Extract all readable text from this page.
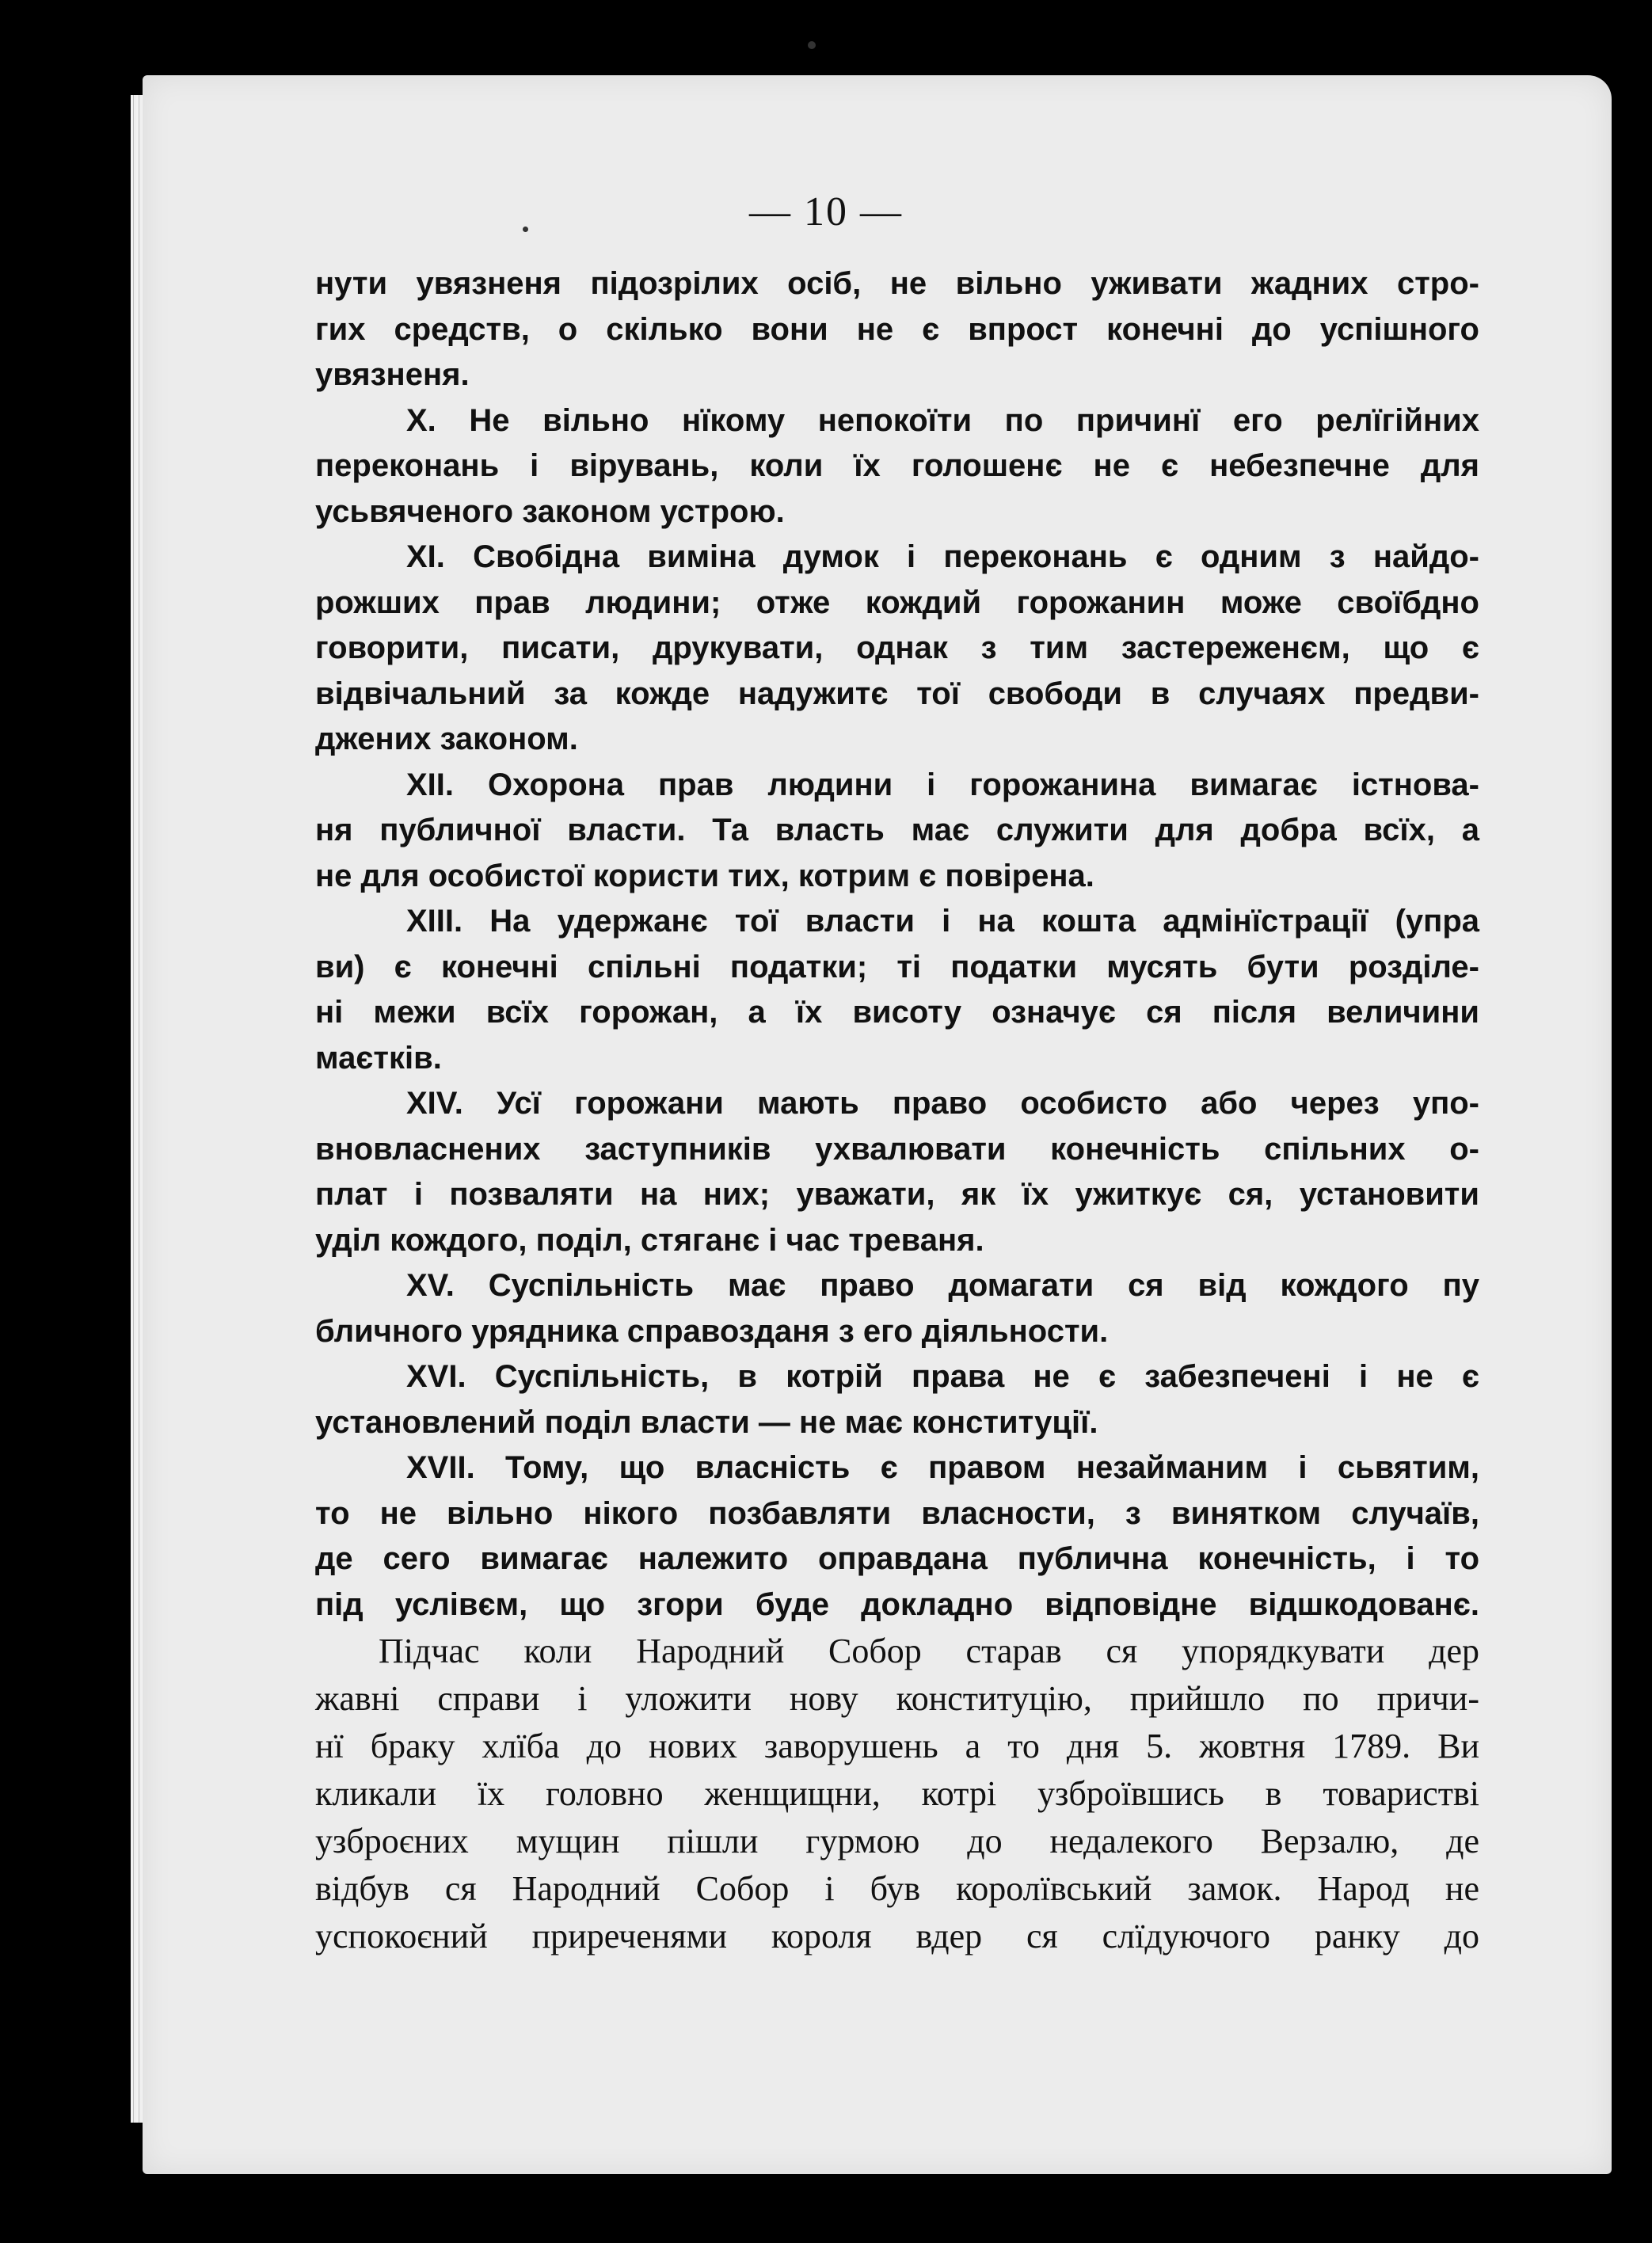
— 10 —
нути увязненя підозрілих осіб, не вільно уживати жадних стро-
гих средств, о скілько вони не є впрост конечні до успішного
увязненя.
X. Не вільно нїкому непокоїти по причинї его релїгійних
переконань і вірувань, коли їх голошенє не є небезпечне для
усьвяченого законом устрою.
XI. Свобідна виміна думок і переконань є одним з найдо-
рожших прав людини; отже кождий горожанин може своїбдно
говорити, писати, друкувати, однак з тим застереженєм, що є
відвічальний за кожде надужитє тої свободи в случаях предви-
джених законом.
XII. Охорона прав людини і горожанина вимагає істнова-
ня публичної власти. Та власть має служити для добра всїх, а
не для особистої користи тих, котрим є повірена.
XIII. На удержанє тої власти і на кошта адмінїстрації (упра
ви) є конечні спільні податки; ті податки мусять бути розділе-
ні межи всїх горожан, а їх висоту означує ся після величини
маєтків.
XIV. Усї горожани мають право особисто або через упо-
вновласнених заступників ухвалювати конечність спільних о-
плат і позваляти на них; уважати, як їх ужиткує ся, установити
уділ кождого, поділ, стяганє і час треваня.
XV. Суспільність має право домагати ся від кождого пу
бличного урядника справозданя з его діяльности.
XVI. Суспільність, в котрій права не є забезпечені і не є
установлений поділ власти — не має конституції.
XVII. Тому, що власність є правом незайманим і сьвятим,
то не вільно нікого позбавляти власности, з винятком случаїв,
де сего вимагає належито оправдана публична конечність, і то
під услівєм, що згори буде докладно відповідне відшкодованє.
Підчас коли Народний Собор старав ся упорядкувати дер
жавні справи і уложити нову конституцію, прийшло по причи-
нї браку хлїба до нових заворушень а то дня 5. жовтня 1789. Ви
кликали їх головно женщищни, котрі узброївшись в товаристві
узброєних мущин пішли гурмою до недалекого Верзалю, де
відбув ся Народний Собор і був королївський замок. Народ не
успокоєний приреченями короля вдер ся слїдуючого ранку до
